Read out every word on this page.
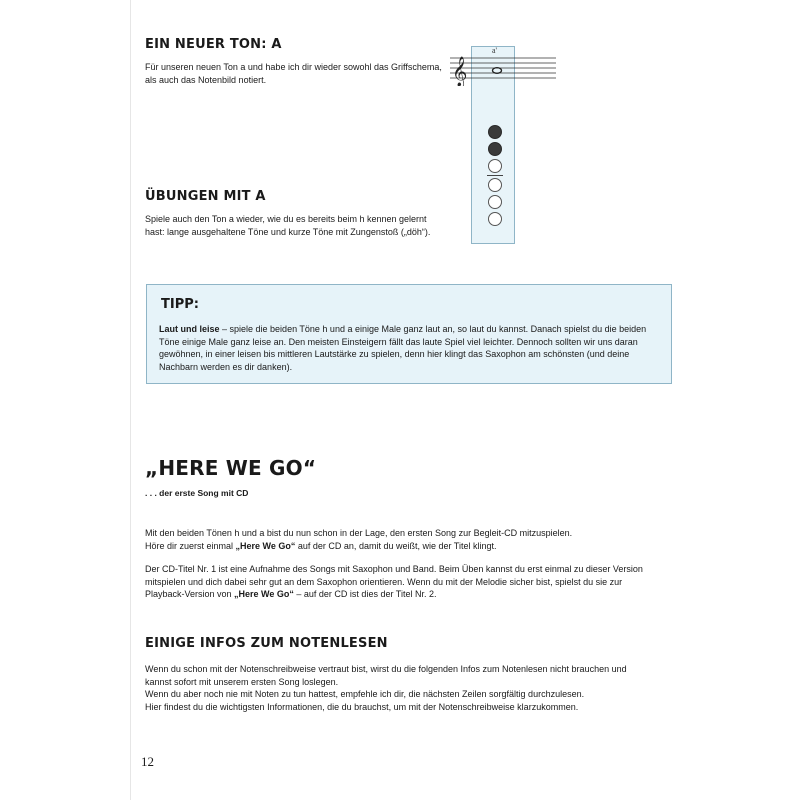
EIN NEUER TON: A

Für unseren neuen Ton a und habe ich dir wieder sowohl das Griffschema, als auch das Notenbild notiert.	𝄞
a'
ÜBUNGEN MIT A

Spiele auch den Ton a wieder, wie du es bereits beim h kennen gelernt hast: lange ausgehaltene Töne und kurze Töne mit Zungenstoß („döh“).

TIPP:

Laut und leise – spiele die beiden Töne h und a einige Male ganz laut an, so laut du kannst. Danach spielst du die beiden Töne einige Male ganz leise an. Den meisten Einsteigern fällt das laute Spiel viel leichter. Dennoch sollten wir uns daran gewöhnen, in einer leisen bis mittleren Lautstärke zu spielen, denn hier klingt das Saxophon am schönsten (und deine Nachbarn werden es dir danken).

„HERE WE GO“

. . . der erste Song mit CD

Mit den beiden Tönen h und a bist du nun schon in der Lage, den ersten Song zur Begleit-CD mitzuspielen.
Höre dir zuerst einmal „Here We Go“ auf der CD an, damit du weißt, wie der Titel klingt.

Der CD-Titel Nr. 1 ist eine Aufnahme des Songs mit Saxophon und Band. Beim Üben kannst du erst einmal zu dieser Version mitspielen und dich dabei sehr gut an dem Saxophon orientieren. Wenn du mit der Melodie sicher bist, spielst du sie zur Playback-Version von „Here We Go“ – auf der CD ist dies der Titel Nr. 2.

EINIGE INFOS ZUM NOTENLESEN

Wenn du schon mit der Notenschreibweise vertraut bist, wirst du die folgenden Infos zum Notenlesen nicht brauchen und kannst sofort mit unserem ersten Song loslegen.
Wenn du aber noch nie mit Noten zu tun hattest, empfehle ich dir, die nächsten Zeilen sorgfältig durchzulesen.
Hier findest du die wichtigsten Informationen, die du brauchst, um mit der Notenschreibweise klarzukommen.

12
